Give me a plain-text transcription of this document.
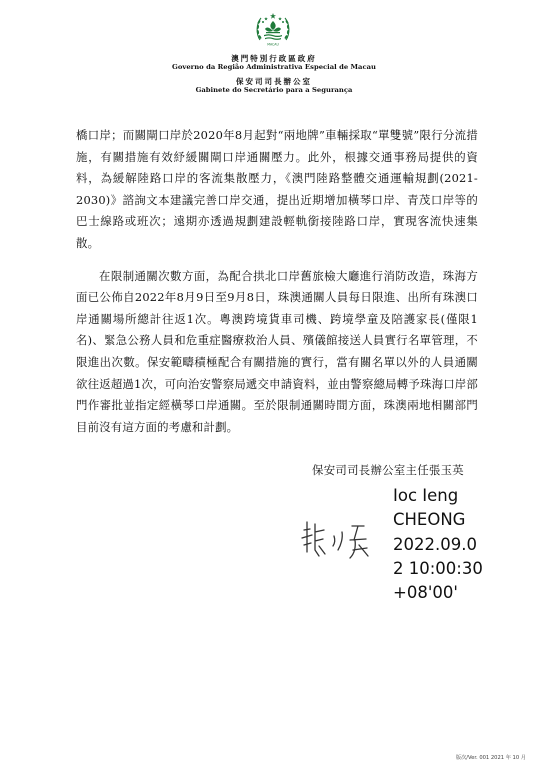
MACAU
澳門特別行政區政府
Governo da Região Administrativa Especial de Macau
保安司司長辦公室
Gabinete do Secretário para a Segurança

橋口岸；而關閘口岸於2020年8月起對“兩地牌”車輛採取“單雙號”限行分流措施，有關措施有效紓緩關閘口岸通關壓力。此外，根據交通事務局提供的資料，為緩解陸路口岸的客流集散壓力，《澳門陸路整體交通運輸規劃(2021-2030)》諮詢文本建議完善口岸交通，提出近期增加橫琴口岸、青茂口岸等的巴士線路或班次；遠期亦透過規劃建設輕軌銜接陸路口岸，實現客流快速集散。

在限制通關次數方面，為配合拱北口岸舊旅檢大廳進行消防改造，珠海方面已公佈自2022年8月9日至9月8日，珠澳通關人員每日限進、出所有珠澳口岸通關場所總計往返1次。粵澳跨境貨車司機、跨境學童及陪護家長(僅限1名)、緊急公務人員和危重症醫療救治人員、殯儀館接送人員實行名單管理，不限進出次數。保安範疇積極配合有關措施的實行，當有關名單以外的人員通關欲往返超過1次，可向治安警察局遞交申請資料，並由警察總局轉予珠海口岸部門作審批並指定經橫琴口岸通關。至於限制通關時間方面，珠澳兩地相關部門目前沒有這方面的考慮和計劃。

保安司司長辦公室主任張玉英
Ioc Ieng
CHEONG
2022.09.0
2 10:00:30
+08'00'
版次/Ver. 001 2021 年 10 月
